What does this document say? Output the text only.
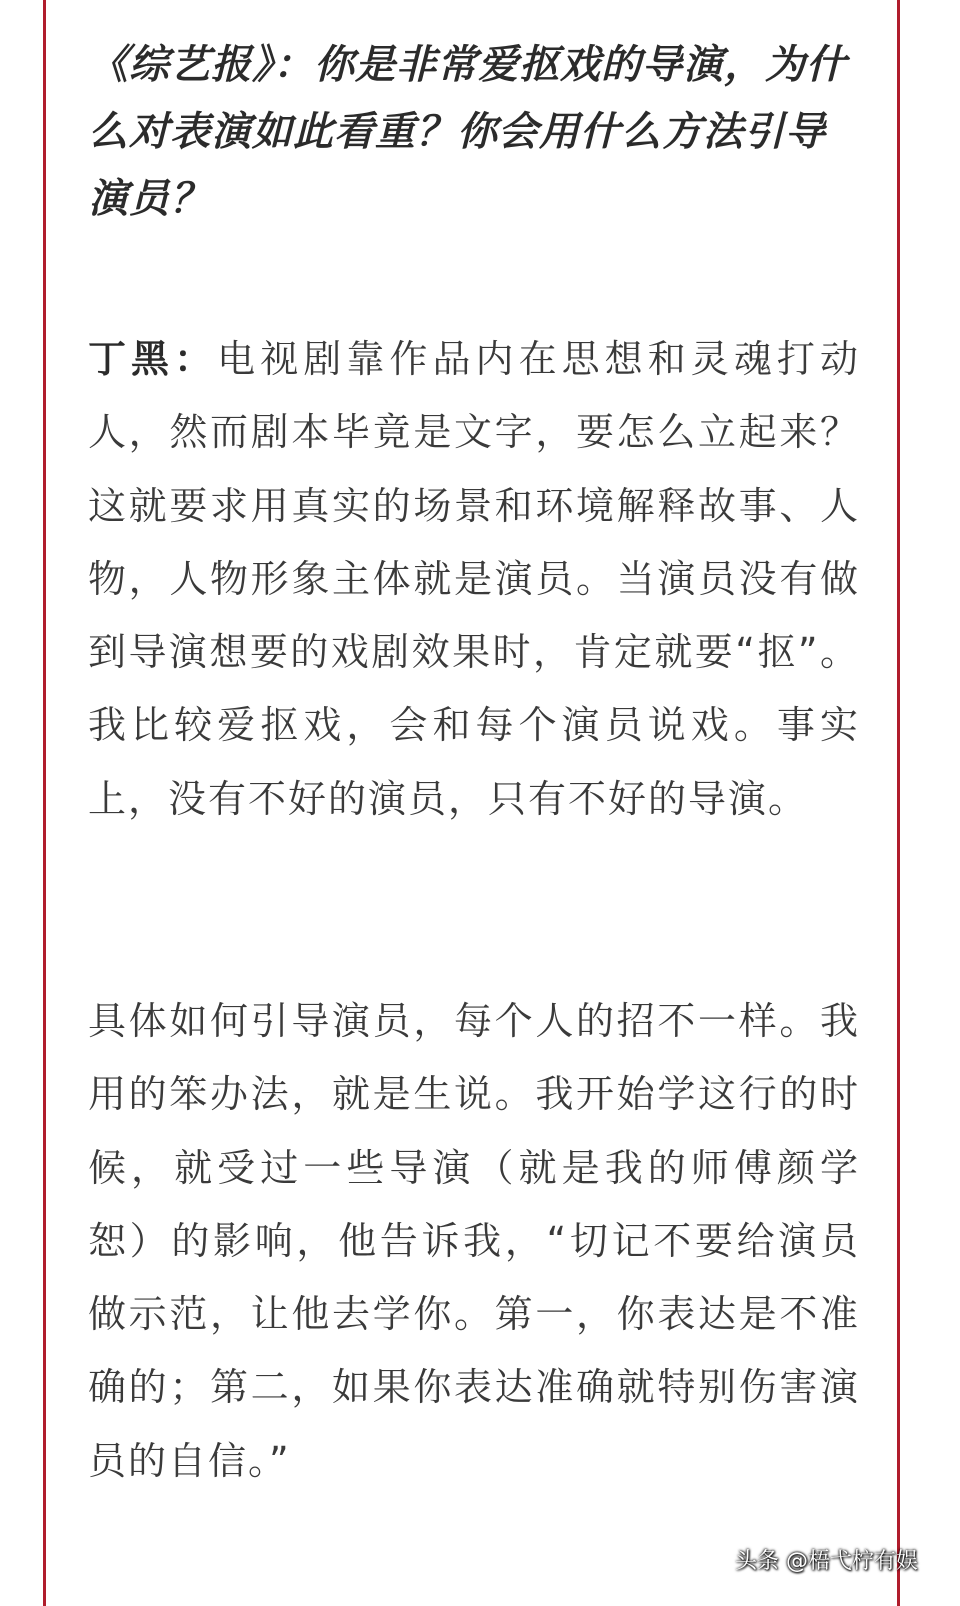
《综艺报》：你是非常爱抠戏的导演，为什么对表演如此看重？你会用什么方法引导演员？
丁黑：电视剧靠作品内在思想和灵魂打动人，然而剧本毕竟是文字，要怎么立起来？这就要求用真实的场景和环境解释故事、人物，人物形象主体就是演员。当演员没有做到导演想要的戏剧效果时，肯定就要“抠”。我比较爱抠戏，会和每个演员说戏。事实上，没有不好的演员，只有不好的导演。
具体如何引导演员，每个人的招不一样。我用的笨办法，就是生说。我开始学这行的时候，就受过一些导演（就是我的师傅颜学恕）的影响，他告诉我，“切记不要给演员做示范，让他去学你。第一，你表达是不准确的；第二，如果你表达准确就特别伤害演员的自信。”
头条 @梧弋柠有娱
